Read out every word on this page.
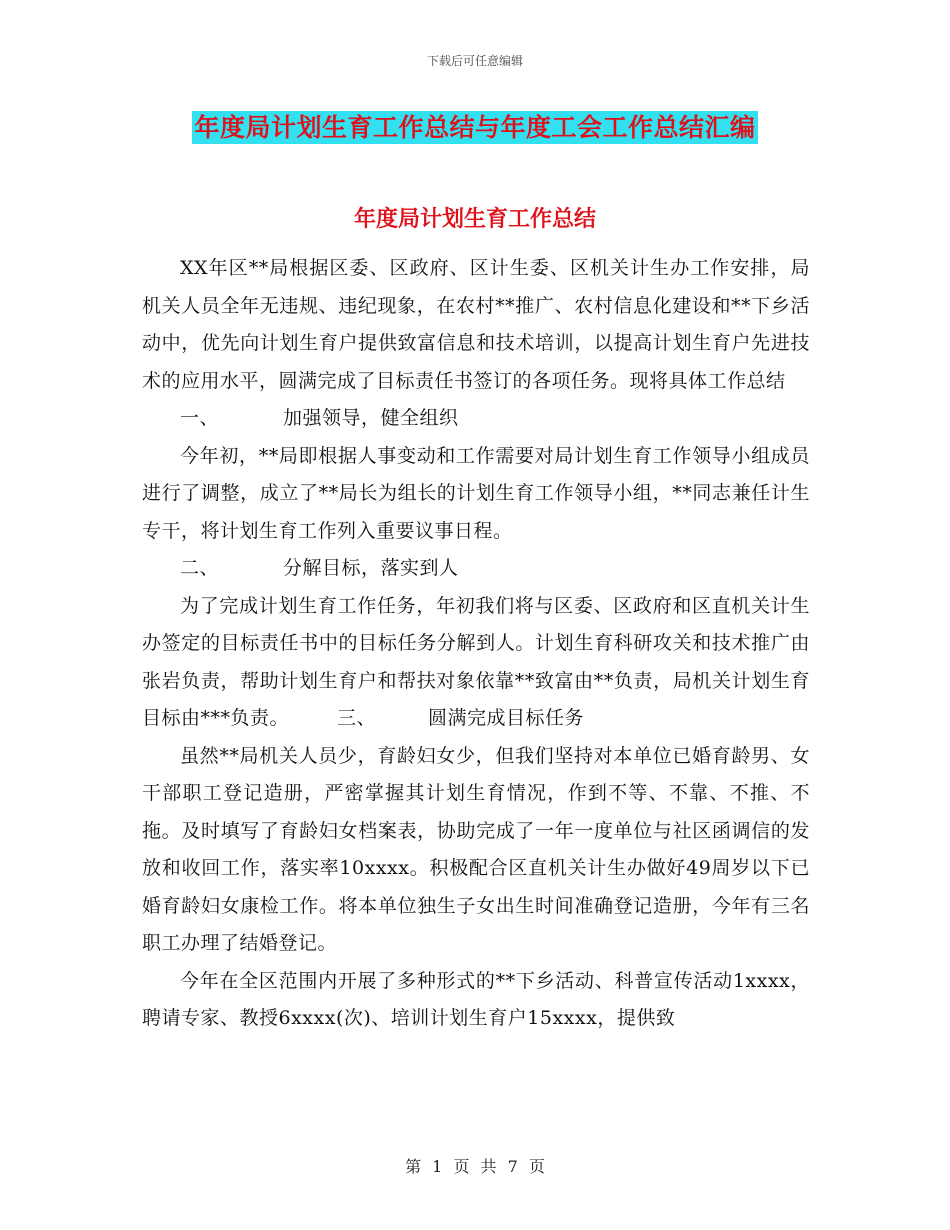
下载后可任意编辑
年度局计划生育工作总结与年度工会工作总结汇编
年度局计划生育工作总结

XX年区**局根据区委、区政府、区计生委、区机关计生办工作安排，局机关人员全年无违规、违纪现象，在农村**推广、农村信息化建设和**下乡活动中，优先向计划生育户提供致富信息和技术培训，以提高计划生育户先进技术的应用水平，圆满完成了目标责任书签订的各项任务。现将具体工作总结

一、	加强领导，健全组织

今年初，**局即根据人事变动和工作需要对局计划生育工作领导小组成员进行了调整，成立了**局长为组长的计划生育工作领导小组，**同志兼任计生专干，将计划生育工作列入重要议事日程。

二、	分解目标，落实到人

为了完成计划生育工作任务，年初我们将与区委、区政府和区直机关计生办签定的目标责任书中的目标任务分解到人。计划生育科研攻关和技术推广由张岩负责，帮助计划生育户和帮扶对象依靠**致富由**负责，局机关计划生育目标由***负责。	三、	圆满完成目标任务

虽然**局机关人员少，育龄妇女少，但我们坚持对本单位已婚育龄男、女干部职工登记造册，严密掌握其计划生育情况，作到不等、不靠、不推、不拖。及时填写了育龄妇女档案表，协助完成了一年一度单位与社区函调信的发放和收回工作，落实率10xxxx。积极配合区直机关计生办做好49周岁以下已婚育龄妇女康检工作。将本单位独生子女出生时间准确登记造册，今年有三名职工办理了结婚登记。

今年在全区范围内开展了多种形式的**下乡活动、科普宣传活动1xxxx，聘请专家、教授6xxxx(次)、培训计划生育户15xxxx，提供致

第 1 页 共 7 页
